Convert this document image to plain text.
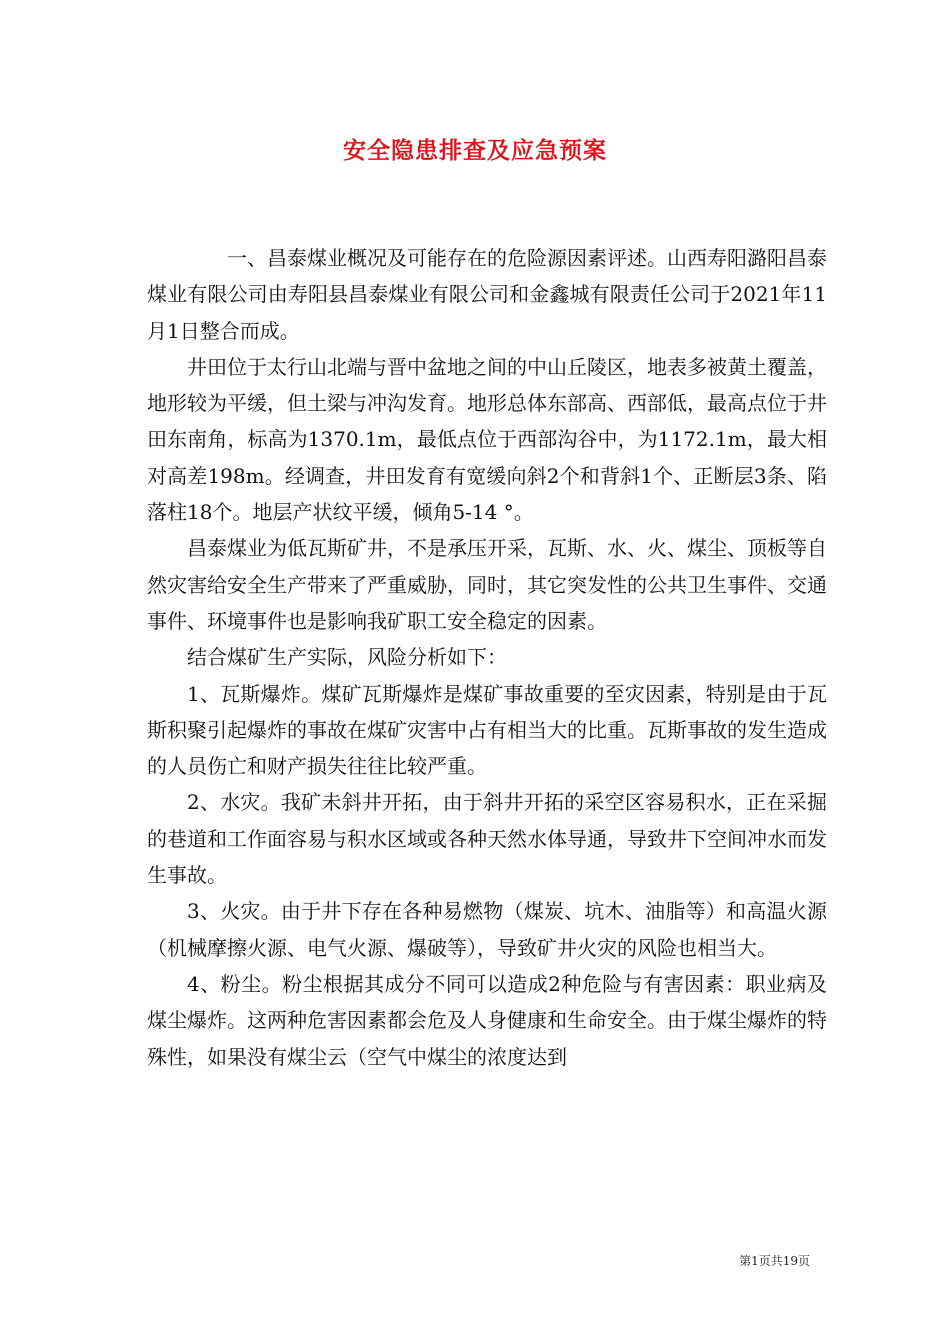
安全隐患排查及应急预案

一、昌泰煤业概况及可能存在的危险源因素评述。山西寿阳潞阳昌泰煤业有限公司由寿阳县昌泰煤业有限公司和金鑫城有限责任公司于2021年11月1日整合而成。

井田位于太行山北端与晋中盆地之间的中山丘陵区，地表多被黄土覆盖，地形较为平缓，但土梁与冲沟发育。地形总体东部高、西部低，最高点位于井田东南角，标高为1370.1m，最低点位于西部沟谷中，为1172.1m，最大相对高差198m。经调查，井田发育有宽缓向斜2个和背斜1个、正断层3条、陷落柱18个。地层产状纹平缓，倾角5-14 °。

昌泰煤业为低瓦斯矿井，不是承压开采，瓦斯、水、火、煤尘、顶板等自然灾害给安全生产带来了严重威胁，同时，其它突发性的公共卫生事件、交通事件、环境事件也是影响我矿职工安全稳定的因素。

结合煤矿生产实际，风险分析如下：

1、瓦斯爆炸。煤矿瓦斯爆炸是煤矿事故重要的至灾因素，特别是由于瓦斯积聚引起爆炸的事故在煤矿灾害中占有相当大的比重。瓦斯事故的发生造成的人员伤亡和财产损失往往比较严重。

2、水灾。我矿未斜井开拓，由于斜井开拓的采空区容易积水，正在采掘的巷道和工作面容易与积水区域或各种天然水体导通，导致井下空间冲水而发生事故。

3、火灾。由于井下存在各种易燃物（煤炭、坑木、油脂等）和高温火源（机械摩擦火源、电气火源、爆破等），导致矿井火灾的风险也相当大。

4、粉尘。粉尘根据其成分不同可以造成2种危险与有害因素：职业病及煤尘爆炸。这两种危害因素都会危及人身健康和生命安全。由于煤尘爆炸的特殊性，如果没有煤尘云（空气中煤尘的浓度达到

第1页共19页
